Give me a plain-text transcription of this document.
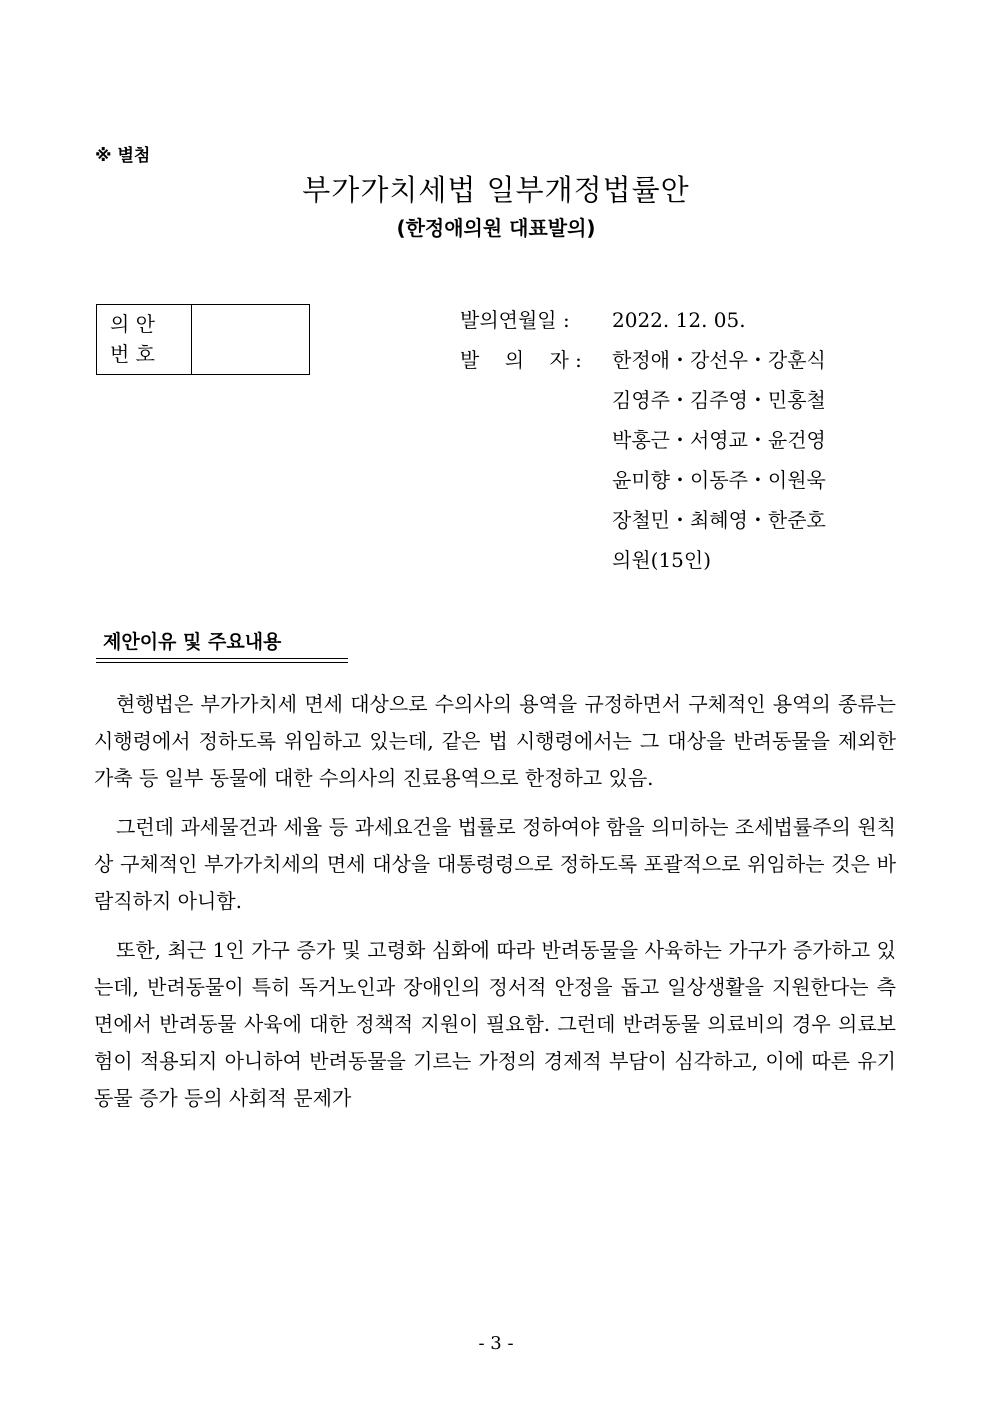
※ 별첨
부가가치세법 일부개정법률안
(한정애의원 대표발의)
의 안
번 호
발의연월일 :	2022. 12. 05.
발    의    자 :	한정애・강선우・강훈식
김영주・김주영・민홍철
박홍근・서영교・윤건영
윤미향・이동주・이원욱
장철민・최혜영・한준호
의원(15인)
제안이유 및 주요내용

현행법은 부가가치세 면세 대상으로 수의사의 용역을 규정하면서 구체적인 용역의 종류는 시행령에서 정하도록 위임하고 있는데, 같은 법 시행령에서는 그 대상을 반려동물을 제외한 가축 등 일부 동물에 대한 수의사의 진료용역으로 한정하고 있음.

그런데 과세물건과 세율 등 과세요건을 법률로 정하여야 함을 의미하는 조세법률주의 원칙상 구체적인 부가가치세의 면세 대상을 대통령령으로 정하도록 포괄적으로 위임하는 것은 바람직하지 아니함.

또한, 최근 1인 가구 증가 및 고령화 심화에 따라 반려동물을 사육하는 가구가 증가하고 있는데, 반려동물이 특히 독거노인과 장애인의 정서적 안정을 돕고 일상생활을 지원한다는 측면에서 반려동물 사육에 대한 정책적 지원이 필요함. 그런데 반려동물 의료비의 경우 의료보험이 적용되지 아니하여 반려동물을 기르는 가정의 경제적 부담이 심각하고, 이에 따른 유기동물 증가 등의 사회적 문제가

- 3 -
